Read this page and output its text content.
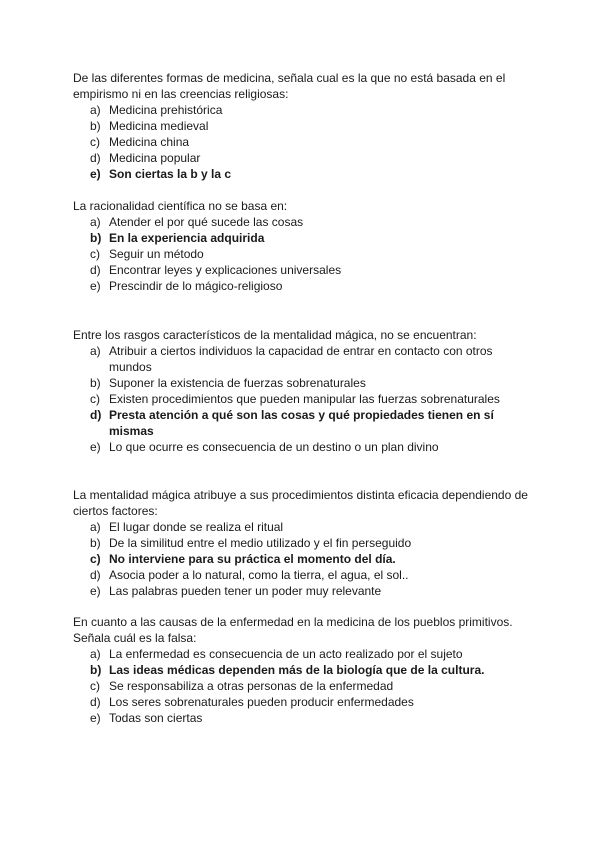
De las diferentes formas de medicina, señala cual es la que no está basada en el empirismo ni en las creencias religiosas:

a) Medicina prehistórica
b) Medicina medieval
c) Medicina china
d) Medicina popular
e) Son ciertas la b y la c

La racionalidad científica no se basa en:

a) Atender el por qué sucede las cosas
b) En la experiencia adquirida
c) Seguir un método
d) Encontrar leyes y explicaciones universales
e) Prescindir de lo mágico-religioso

Entre los rasgos característicos de la mentalidad mágica, no se encuentran:

a) Atribuir a ciertos individuos la capacidad de entrar en contacto con otros mundos
b) Suponer la existencia de fuerzas sobrenaturales
c) Existen procedimientos que pueden manipular las fuerzas sobrenaturales
d) Presta atención a qué son las cosas y qué propiedades tienen en sí mismas
e) Lo que ocurre es consecuencia de un destino o un plan divino

La mentalidad mágica atribuye a sus procedimientos distinta eficacia dependiendo de ciertos factores:

a) El lugar donde se realiza el ritual
b) De la similitud entre el medio utilizado y el fin perseguido
c) No interviene para su práctica el momento del día.
d) Asocia poder a lo natural, como la tierra, el agua, el sol..
e) Las palabras pueden tener un poder muy relevante

En cuanto a las causas de la enfermedad en la medicina de los pueblos primitivos. Señala cuál es la falsa:

a) La enfermedad es consecuencia de un acto realizado por el sujeto
b) Las ideas médicas dependen más de la biología que de la cultura.
c) Se responsabiliza a otras personas de la enfermedad
d) Los seres sobrenaturales pueden producir enfermedades
e) Todas son ciertas
